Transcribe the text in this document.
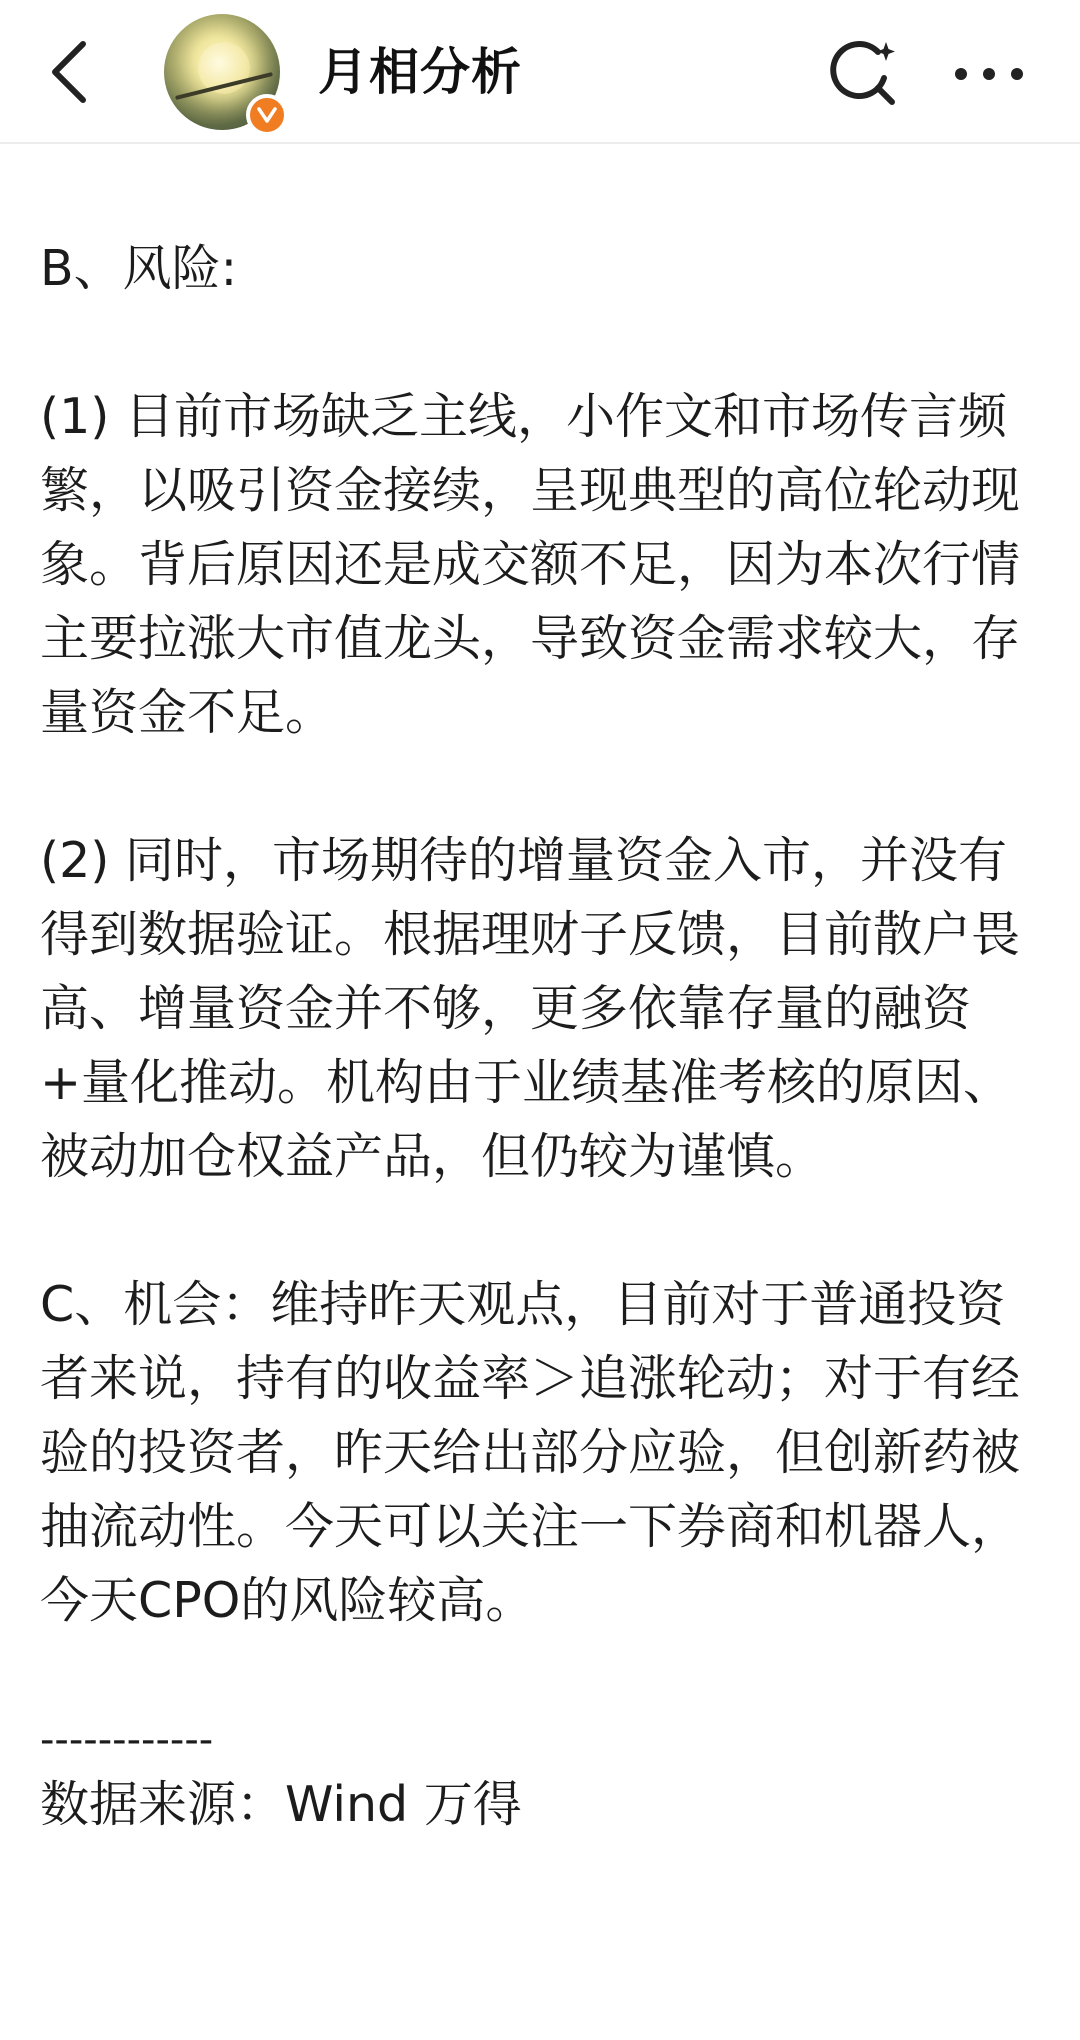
月相分析

B、风险:

(1) 目前市场缺乏主线，小作文和市场传言频繁，以吸引资金接续，呈现典型的高位轮动现象。背后原因还是成交额不足，因为本次行情主要拉涨大市值龙头，导致资金需求较大，存量资金不足。

(2) 同时，市场期待的增量资金入市，并没有得到数据验证。根据理财子反馈，目前散户畏高、增量资金并不够，更多依靠存量的融资+量化推动。机构由于业绩基准考核的原因、被动加仓权益产品，但仍较为谨慎。

C、机会：维持昨天观点，目前对于普通投资者来说，持有的收益率＞追涨轮动；对于有经验的投资者，昨天给出部分应验，但创新药被抽流动性。今天可以关注一下券商和机器人，今天CPO的风险较高。

------------

数据来源：Wind 万得
